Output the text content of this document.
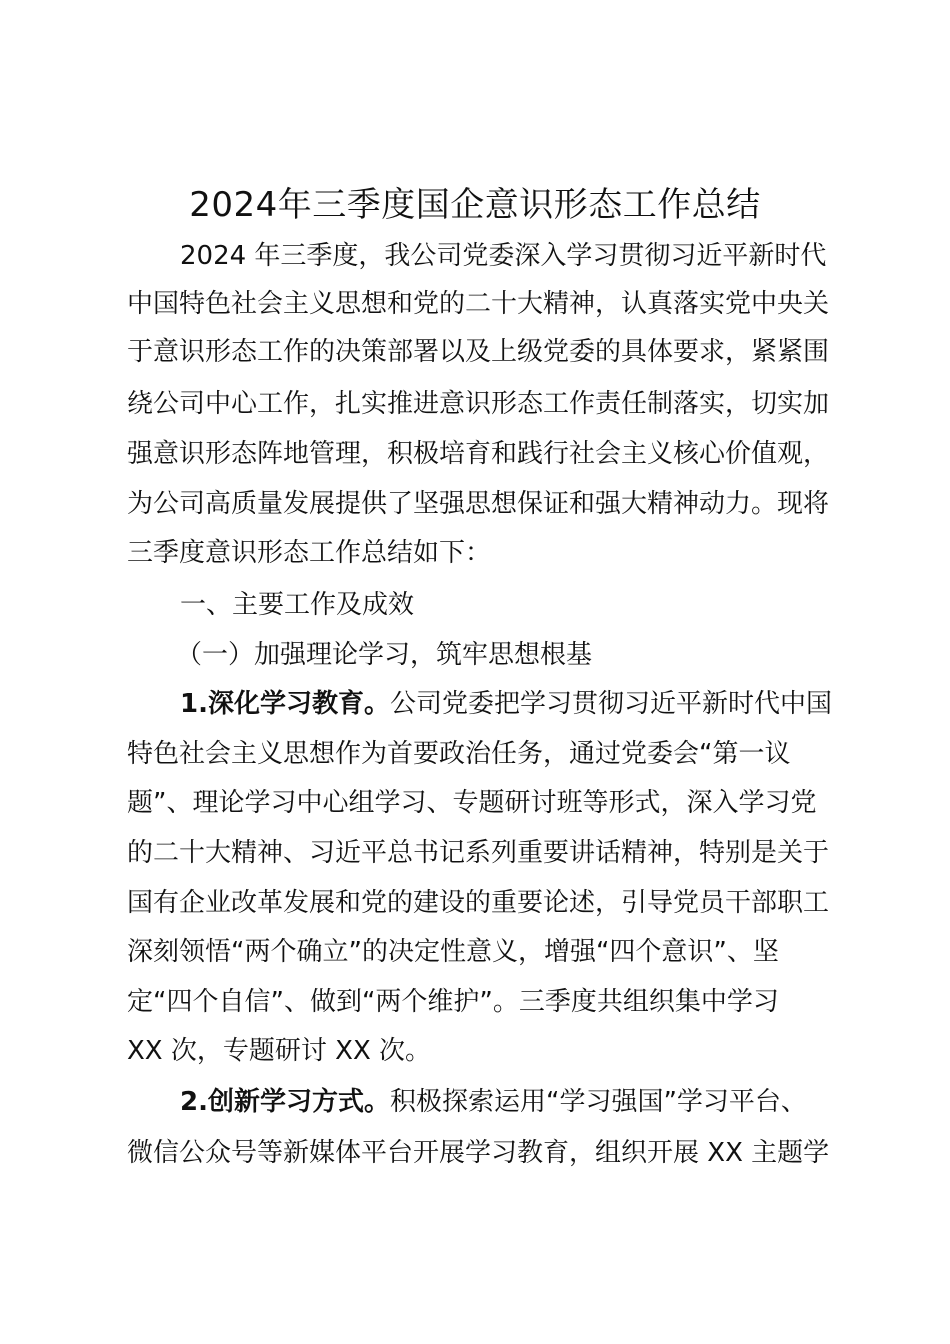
2024年三季度国企意识形态工作总结
2024 年三季度，我公司党委深入学习贯彻习近平新时代
中国特色社会主义思想和党的二十大精神，认真落实党中央关
于意识形态工作的决策部署以及上级党委的具体要求，紧紧围
绕公司中心工作，扎实推进意识形态工作责任制落实，切实加
强意识形态阵地管理，积极培育和践行社会主义核心价值观，
为公司高质量发展提供了坚强思想保证和强大精神动力。现将
三季度意识形态工作总结如下：
一、主要工作及成效
（一）加强理论学习，筑牢思想根基
1.深化学习教育。公司党委把学习贯彻习近平新时代中国
特色社会主义思想作为首要政治任务，通过党委会“第一议
题”、理论学习中心组学习、专题研讨班等形式，深入学习党
的二十大精神、习近平总书记系列重要讲话精神，特别是关于
国有企业改革发展和党的建设的重要论述，引导党员干部职工
深刻领悟“两个确立”的决定性意义，增强“四个意识”、坚
定“四个自信”、做到“两个维护”。三季度共组织集中学习
XX 次，专题研讨 XX 次。
2.创新学习方式。积极探索运用“学习强国”学习平台、
微信公众号等新媒体平台开展学习教育，组织开展 XX 主题学
